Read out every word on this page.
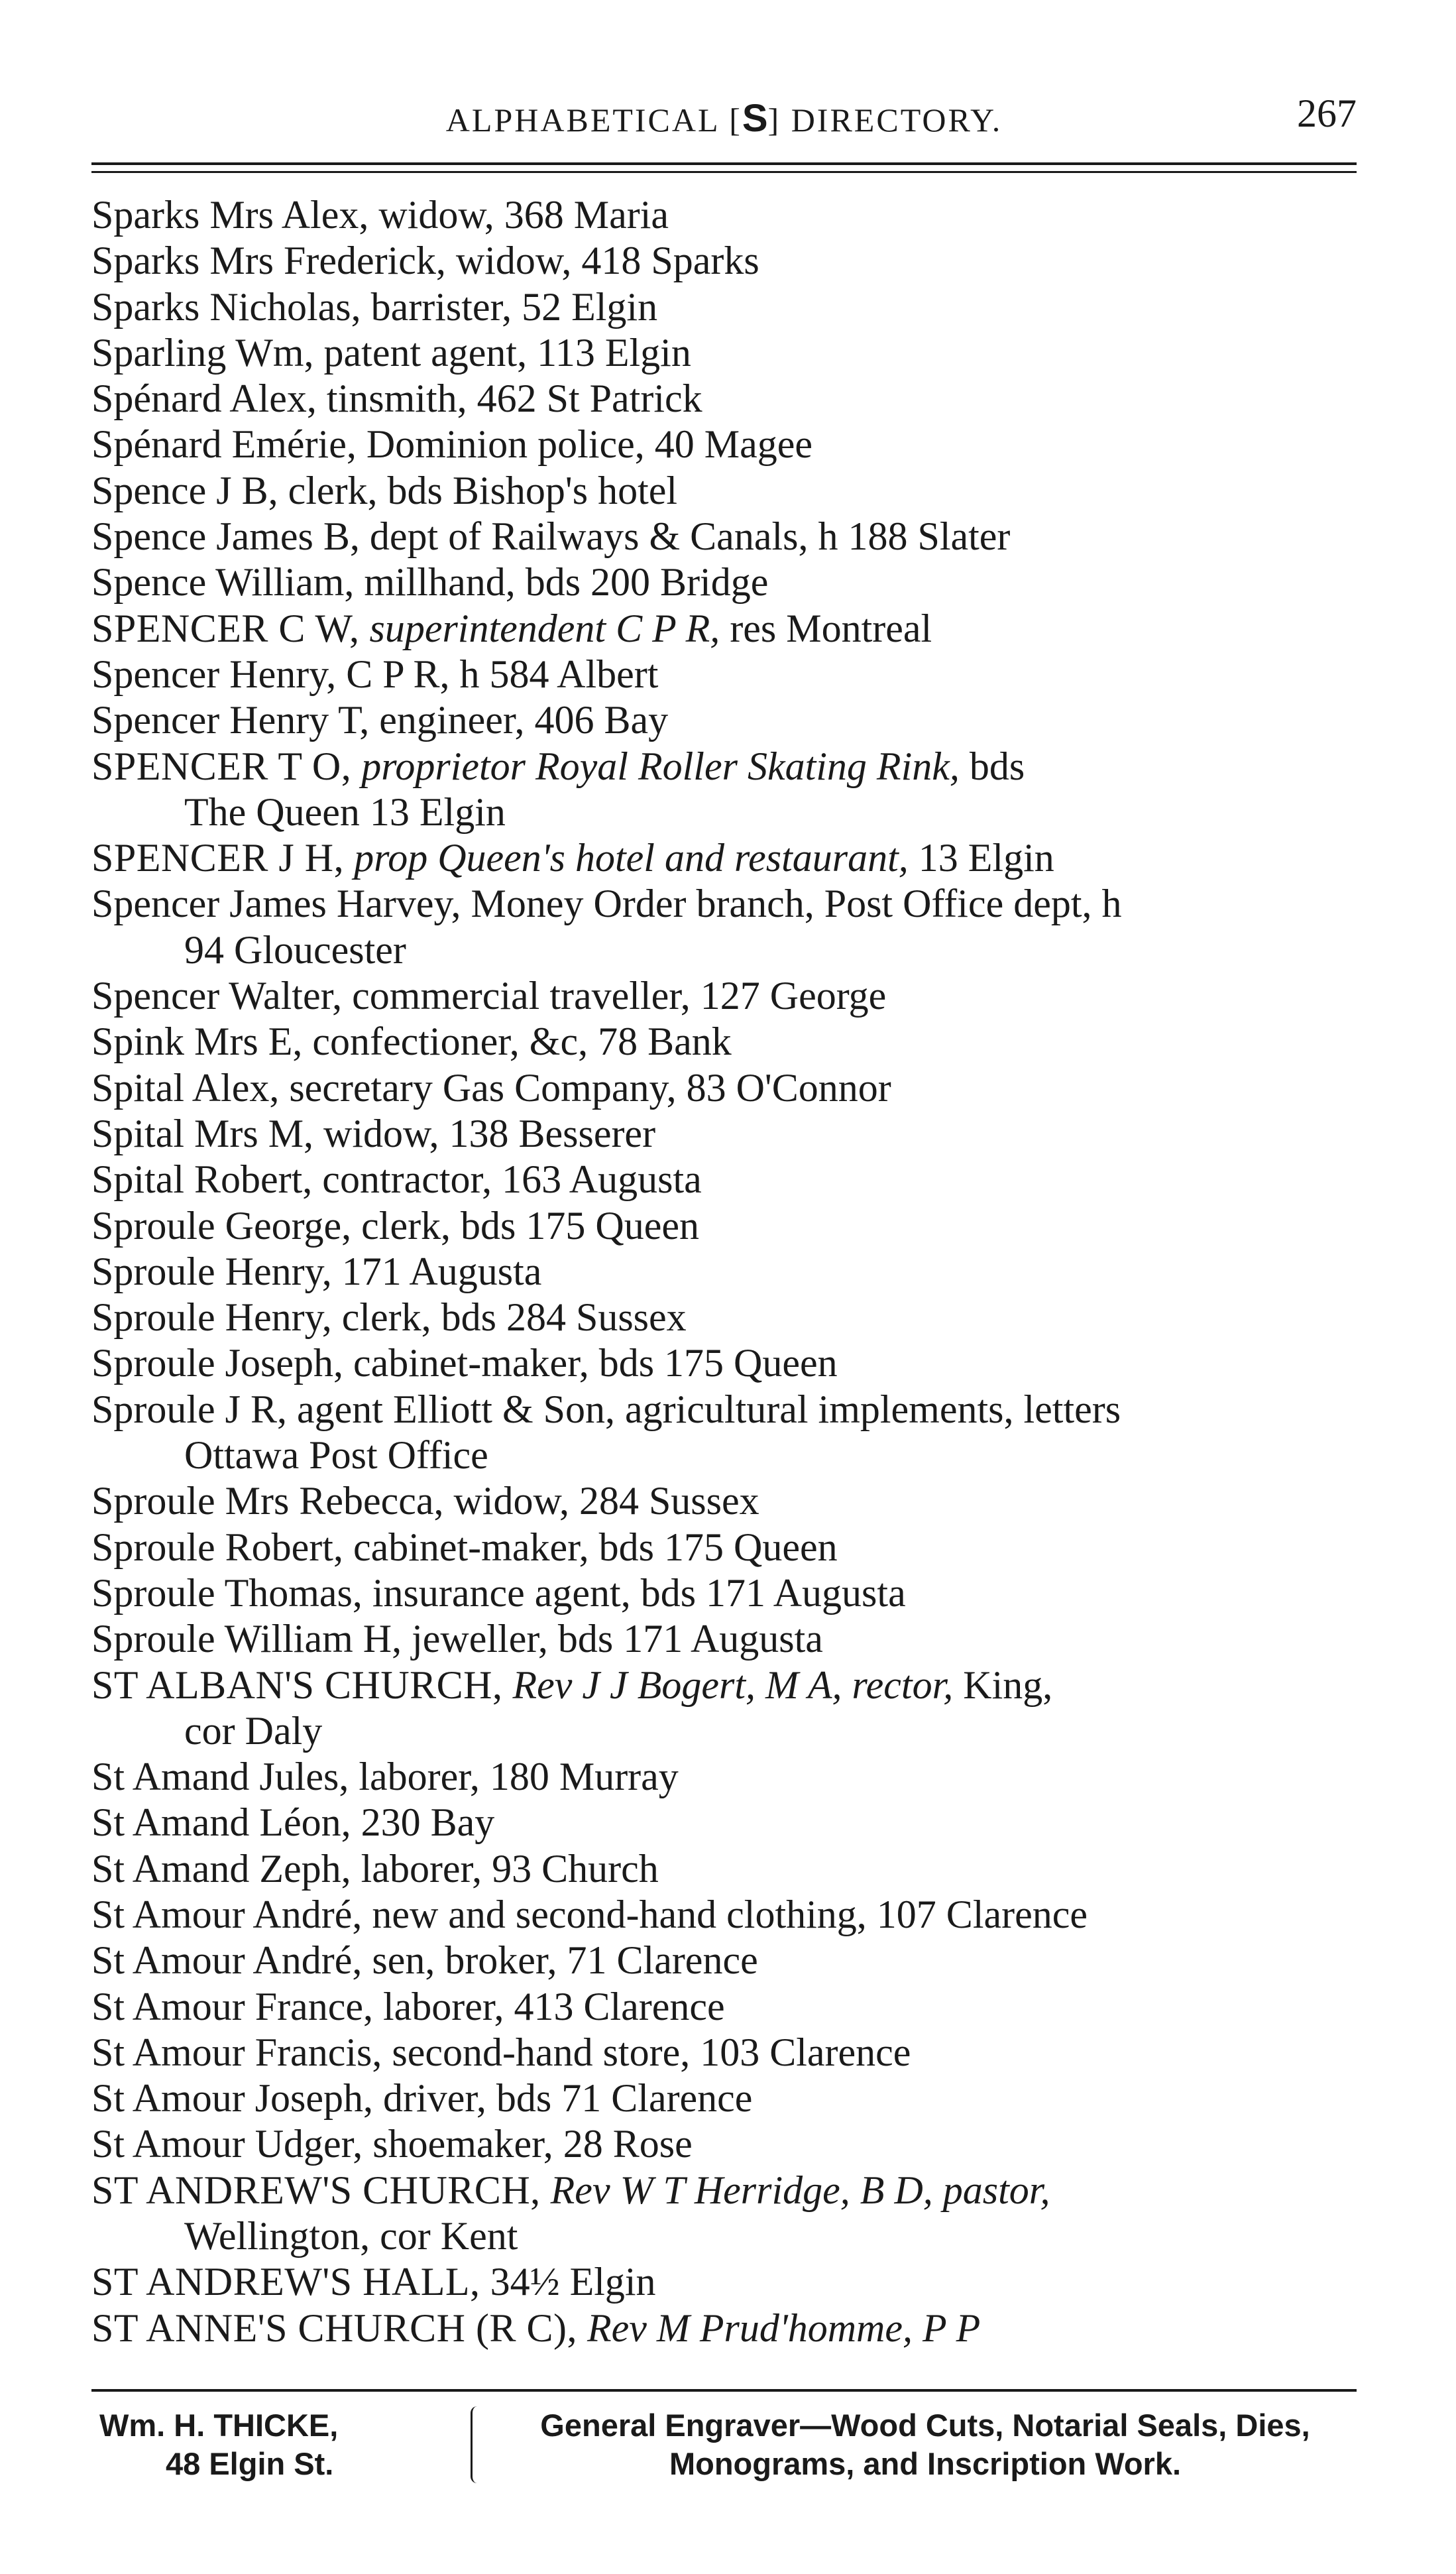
ALPHABETICAL [S] DIRECTORY.	267
Sparks Mrs Alex, widow, 368 Maria
Sparks Mrs Frederick, widow, 418 Sparks
Sparks Nicholas, barrister, 52 Elgin
Sparling Wm, patent agent, 113 Elgin
Spénard Alex, tinsmith, 462 St Patrick
Spénard Emérie, Dominion police, 40 Magee
Spence J B, clerk, bds Bishop's hotel
Spence James B, dept of Railways & Canals, h 188 Slater
Spence William, millhand, bds 200 Bridge
SPENCER C W, superintendent C P R, res Montreal
Spencer Henry, C P R, h 584 Albert
Spencer Henry T, engineer, 406 Bay
SPENCER T O, proprietor Royal Roller Skating Rink, bds
The Queen 13 Elgin
SPENCER J H, prop Queen's hotel and restaurant, 13 Elgin
Spencer James Harvey, Money Order branch, Post Office dept, h
94 Gloucester
Spencer Walter, commercial traveller, 127 George
Spink Mrs E, confectioner, &c, 78 Bank
Spital Alex, secretary Gas Company, 83 O'Connor
Spital Mrs M, widow, 138 Besserer
Spital Robert, contractor, 163 Augusta
Sproule George, clerk, bds 175 Queen
Sproule Henry, 171 Augusta
Sproule Henry, clerk, bds 284 Sussex
Sproule Joseph, cabinet-maker, bds 175 Queen
Sproule J R, agent Elliott & Son, agricultural implements, letters
Ottawa Post Office
Sproule Mrs Rebecca, widow, 284 Sussex
Sproule Robert, cabinet-maker, bds 175 Queen
Sproule Thomas, insurance agent, bds 171 Augusta
Sproule William H, jeweller, bds 171 Augusta
ST ALBAN'S CHURCH, Rev J J Bogert, M A, rector, King,
cor Daly
St Amand Jules, laborer, 180 Murray
St Amand Léon, 230 Bay
St Amand Zeph, laborer, 93 Church
St Amour André, new and second-hand clothing, 107 Clarence
St Amour André, sen, broker, 71 Clarence
St Amour France, laborer, 413 Clarence
St Amour Francis, second-hand store, 103 Clarence
St Amour Joseph, driver, bds 71 Clarence
St Amour Udger, shoemaker, 28 Rose
ST ANDREW'S CHURCH, Rev W T Herridge, B D, pastor,
Wellington, cor Kent
ST ANDREW'S HALL, 34½ Elgin
ST ANNE'S CHURCH (R C), Rev M Prud'homme, P P
Wm. H. THICKE,
48 Elgin St.
General Engraver—Wood Cuts, Notarial Seals, Dies,
Monograms, and Inscription Work.
